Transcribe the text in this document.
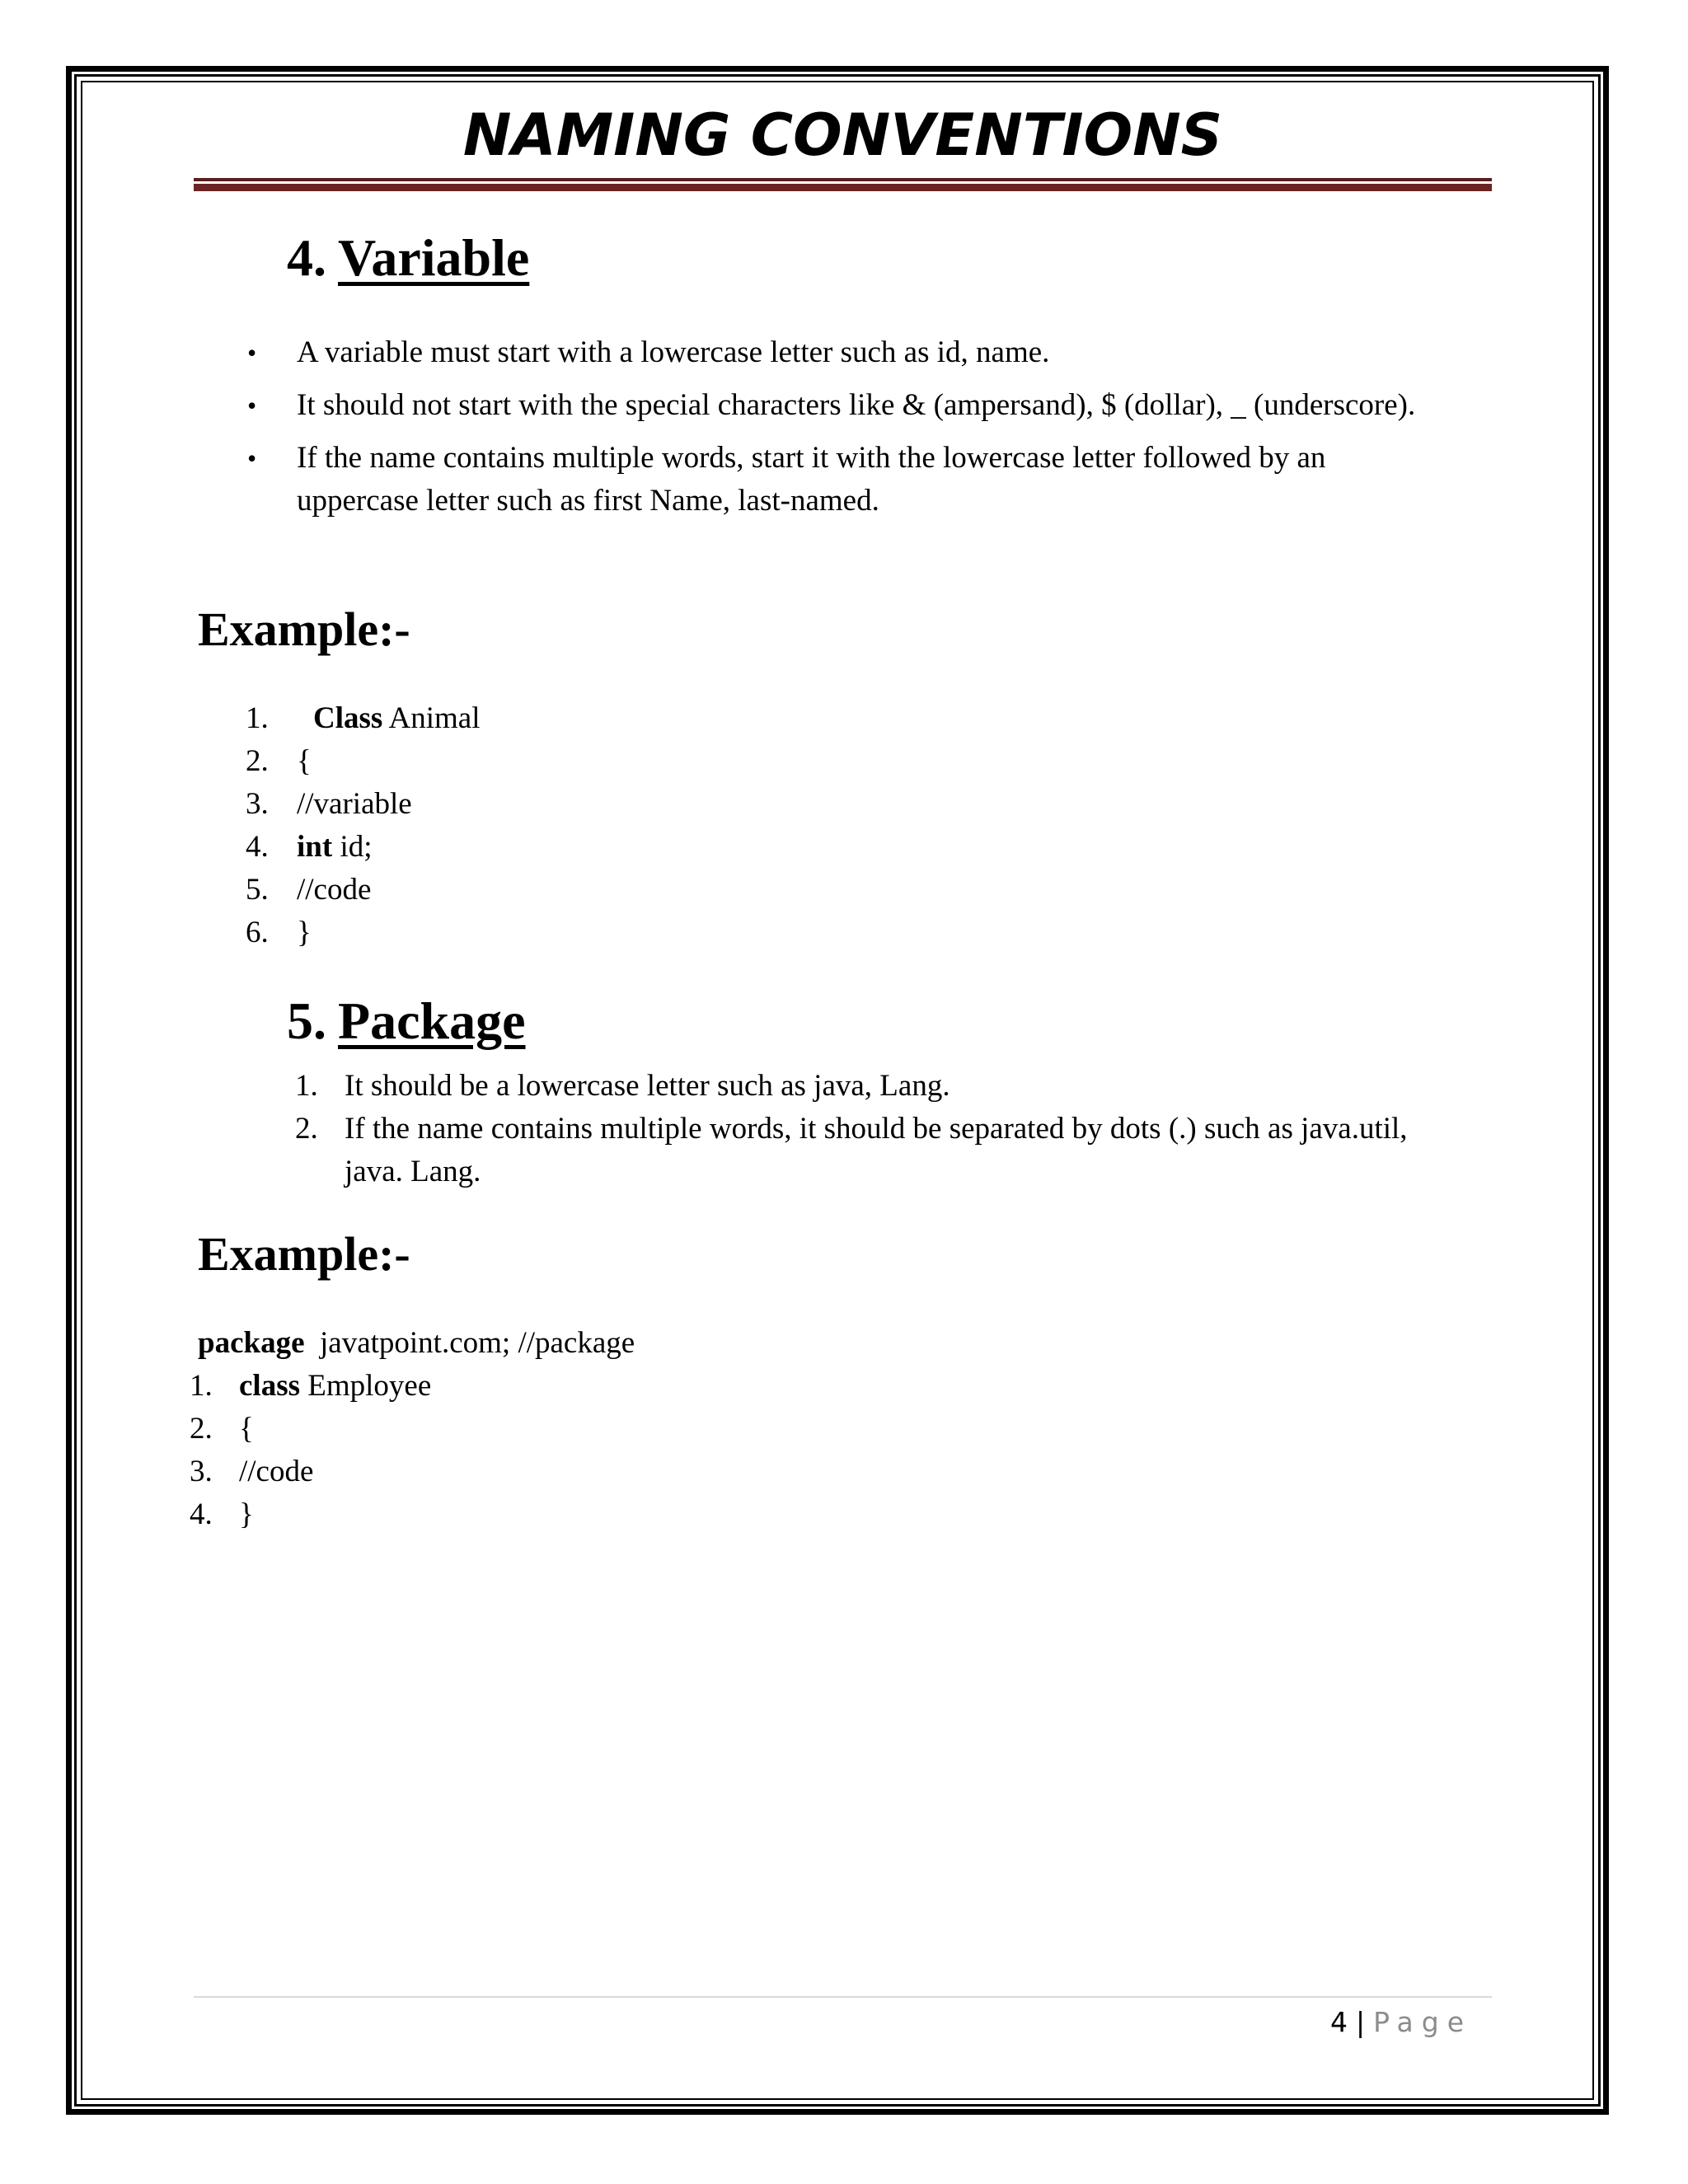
NAMING CONVENTIONS
4. Variable
• A variable must start with a lowercase letter such as id, name.
• It should not start with the special characters like & (ampersand), $ (dollar), _ (underscore).
• If the name contains multiple words, start it with the lowercase letter followed by an uppercase letter such as first Name, last-named.
Example:-
1. Class Animal
2. {
3. //variable
4. int id;
5. //code
6. }
5. Package
1. It should be a lowercase letter such as java, Lang.
2. If the name contains multiple words, it should be separated by dots (.) such as java.util, java. Lang.
Example:-
package  javatpoint.com; //package
1. class Employee
2. {
3. //code
4. }
4 | Page
